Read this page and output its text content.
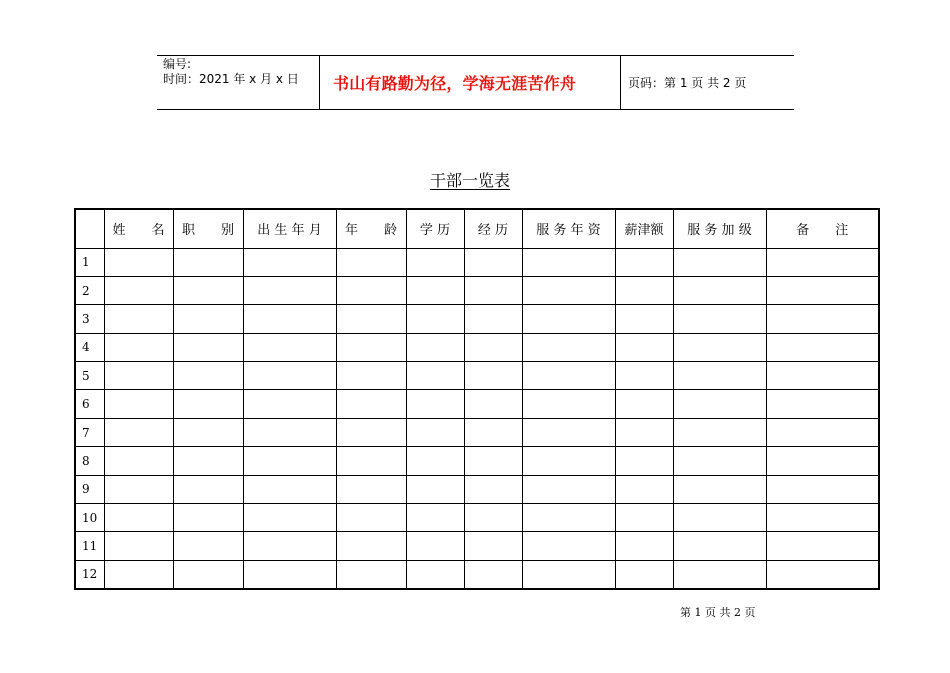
编号:
时间：2021 年 x 月 x 日 书山有路勤为径，学海无涯苦作舟	页码：第 1 页 共 2 页
干部一览表
	姓　　名	职　　别	出 生 年 月	年　　龄	学 历	经 历	服 务 年 资	薪津额	服 务 加 级	备　　注
1										
2										
3										
4										
5										
6										
7										
8										
9										
10										
11										
12										
第 1 页 共 2 页
